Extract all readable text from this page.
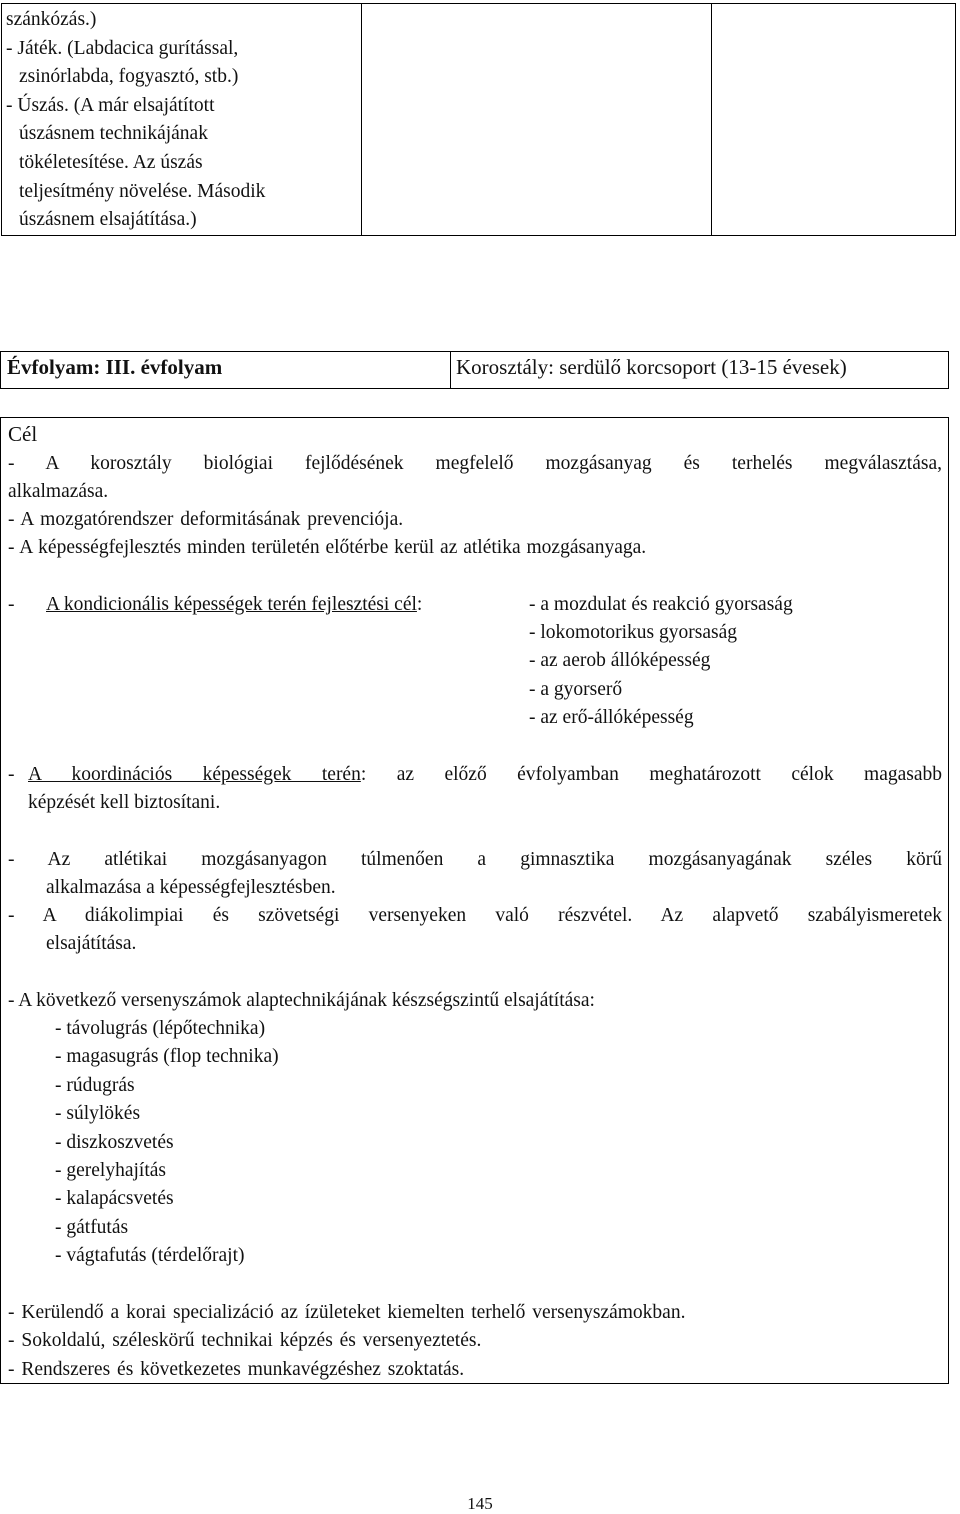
szánkózás.)
- Játék. (Labdacica gurítással,
zsinórlabda, fogyasztó, stb.)
- Úszás. (A már elsajátított
úszásnem technikájának
tökéletesítése. Az úszás
teljesítmény növelése. Második
úszásnem elsajátítása.)
Évfolyam: III. évfolyam	Korosztály: serdülő korcsoport (13-15 évesek)
Cél
- A korosztály biológiai fejlődésének megfelelő mozgásanyag és terhelés megválasztása,
alkalmazása.
- A mozgatórendszer deformitásának prevenciója.
- A képességfejlesztés minden területén előtérbe kerül az atlétika mozgásanyaga.
- A kondicionális képességek terén fejlesztési cél:	- a mozdulat és reakció gyorsaság
- lokomotorikus gyorsaság
- az aerob állóképesség
- a gyorserő
- az erő-állóképesség
- A koordinációs képességek terén: az előző évfolyamban meghatározott célok magasabb
képzését kell biztosítani.
- Az atlétikai mozgásanyagon túlmenően a gimnasztika mozgásanyagának széles körű
alkalmazása a képességfejlesztésben.
- A diákolimpiai és szövetségi versenyeken való részvétel. Az alapvető szabályismeretek
elsajátítása.
- A következő versenyszámok alaptechnikájának készségszintű elsajátítása:
- távolugrás (lépőtechnika)
- magasugrás (flop technika)
- rúdugrás
- súlylökés
- diszkoszvetés
- gerelyhajítás
- kalapácsvetés
- gátfutás
- vágtafutás (térdelőrajt)
- Kerülendő a korai specializáció az ízületeket kiemelten terhelő versenyszámokban.
- Sokoldalú, széleskörű technikai képzés és versenyeztetés.
- Rendszeres és következetes munkavégzéshez szoktatás.
145
